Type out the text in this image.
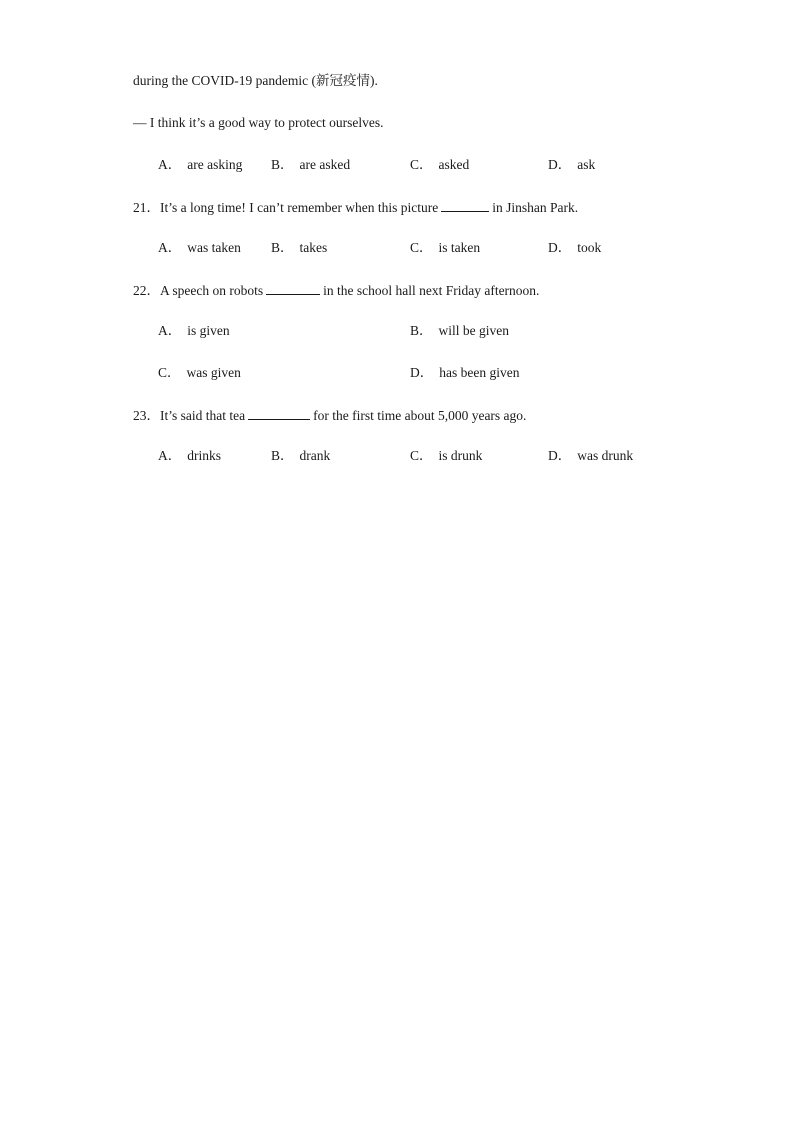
during the COVID-19 pandemic (新冠疫情).
— I think it’s a good way to protect ourselves.
A． are asking B． are asked	C． asked	D． ask
21．It’s a long time! I can’t remember when this picture	in Jinshan Park.
A． was taken B． takes	C． is taken	D． took
22．A speech on robots	in the school hall next Friday afternoon.
A． is given	B． will be given
C． was given	D． has been given
23．It’s said that tea	for the first time about 5,000 years ago.
A． drinks	B． drank	C． is drunk	D． was drunk
